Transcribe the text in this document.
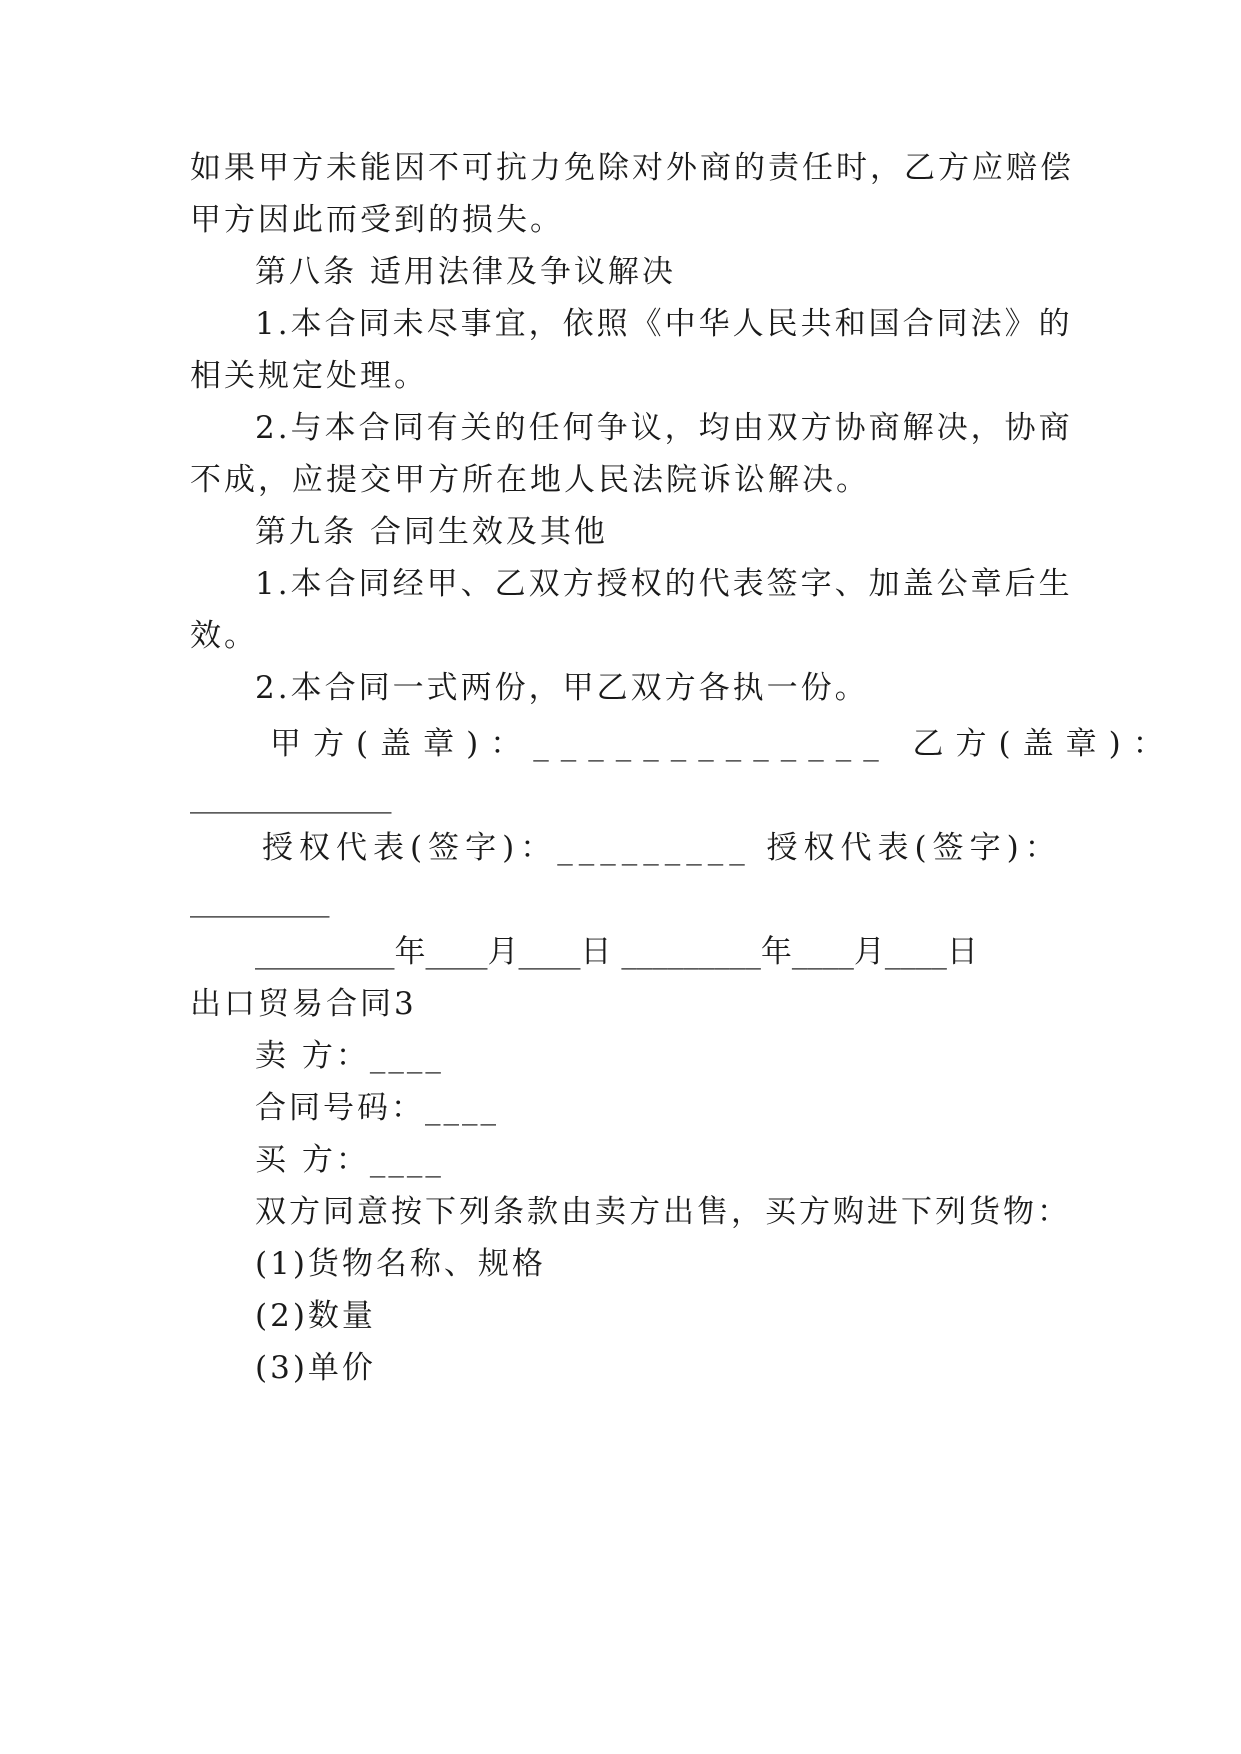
如果甲方未能因不可抗力免除对外商的责任时，乙方应赔偿
甲方因此而受到的损失。
第八条 适用法律及争议解决
1.本合同未尽事宜，依照《中华人民共和国合同法》的
相关规定处理。
2.与本合同有关的任何争议，均由双方协商解决，协商
不成，应提交甲方所在地人民法院诉讼解决。
第九条 合同生效及其他
1.本合同经甲、乙双方授权的代表签字、加盖公章后生
效。
2.本合同一式两份，甲乙双方各执一份。
甲方(盖章)：_____________ 乙方(盖章)：
_____________
授权代表(签字)：_________ 授权代表(签字)：
_________
_________年____月____日 _________年____月____日
出口贸易合同3
卖 方：____
合同号码：____
买 方：____
双方同意按下列条款由卖方出售，买方购进下列货物：
(1)货物名称、规格
(2)数量
(3)单价
